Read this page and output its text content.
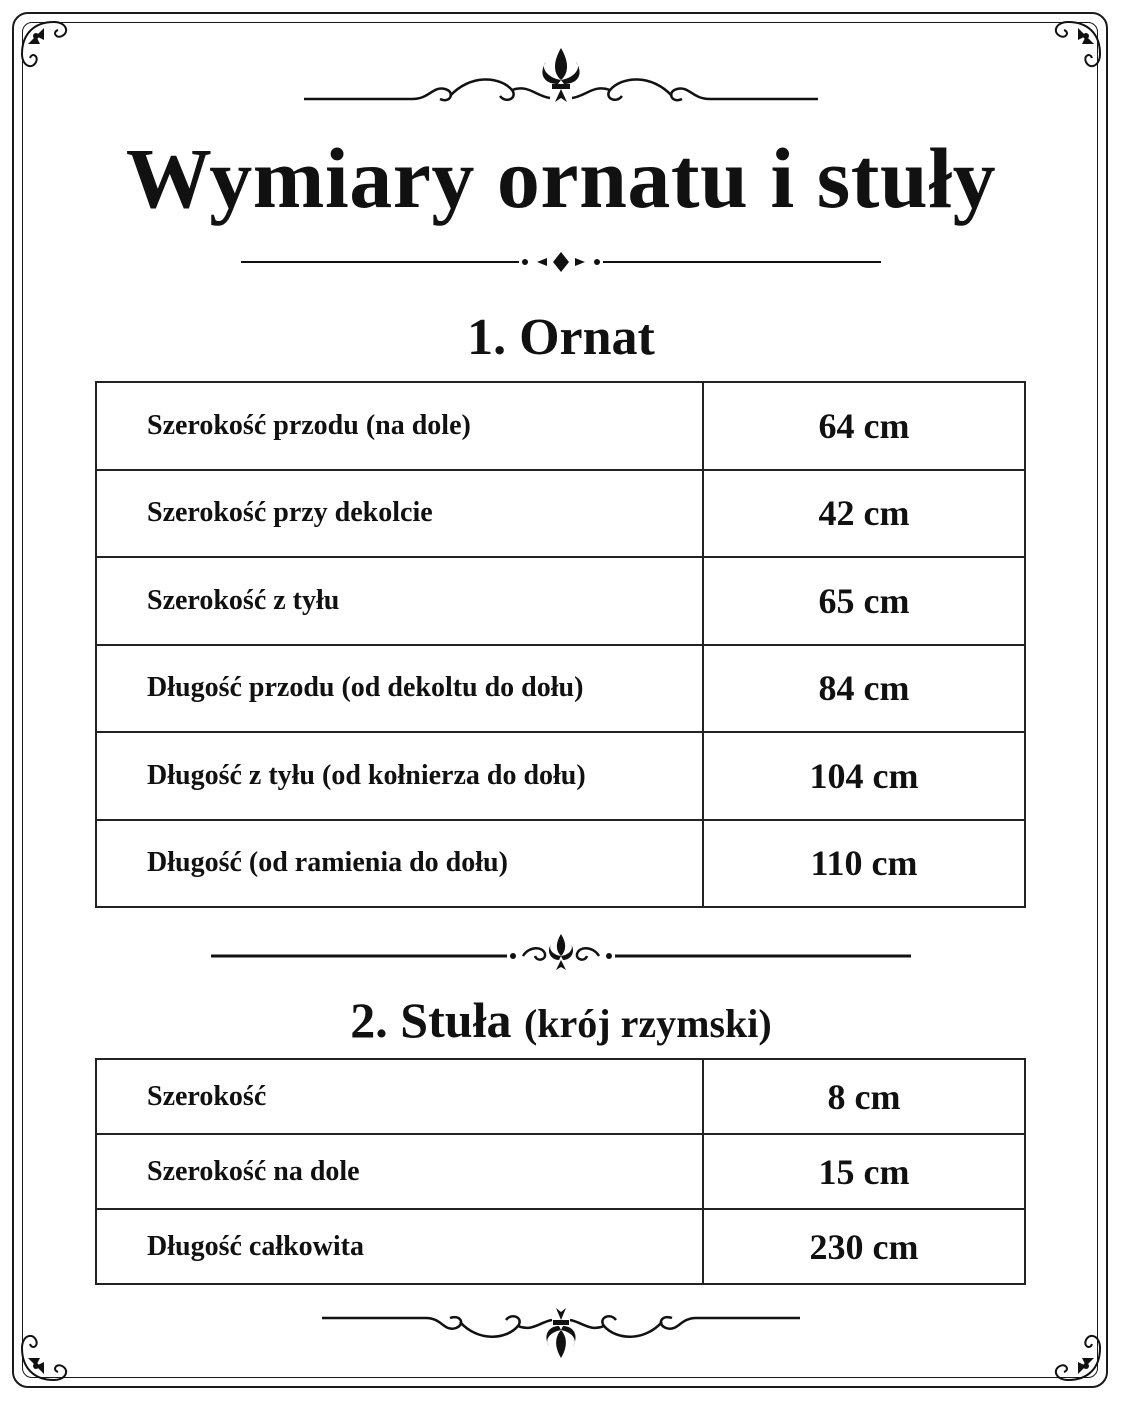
Wymiary ornatu i stuły
1. Ornat
Szerokość przodu (na dole)	64 cm
Szerokość przy dekolcie	42 cm
Szerokość z tyłu	65 cm
Długość przodu (od dekoltu do dołu)	84 cm
Długość z tyłu (od kołnierza do dołu)	104 cm
Długość (od ramienia do dołu)	110 cm
2. Stuła (krój rzymski)
Szerokość	8 cm
Szerokość na dole	15 cm
Długość całkowita	230 cm
